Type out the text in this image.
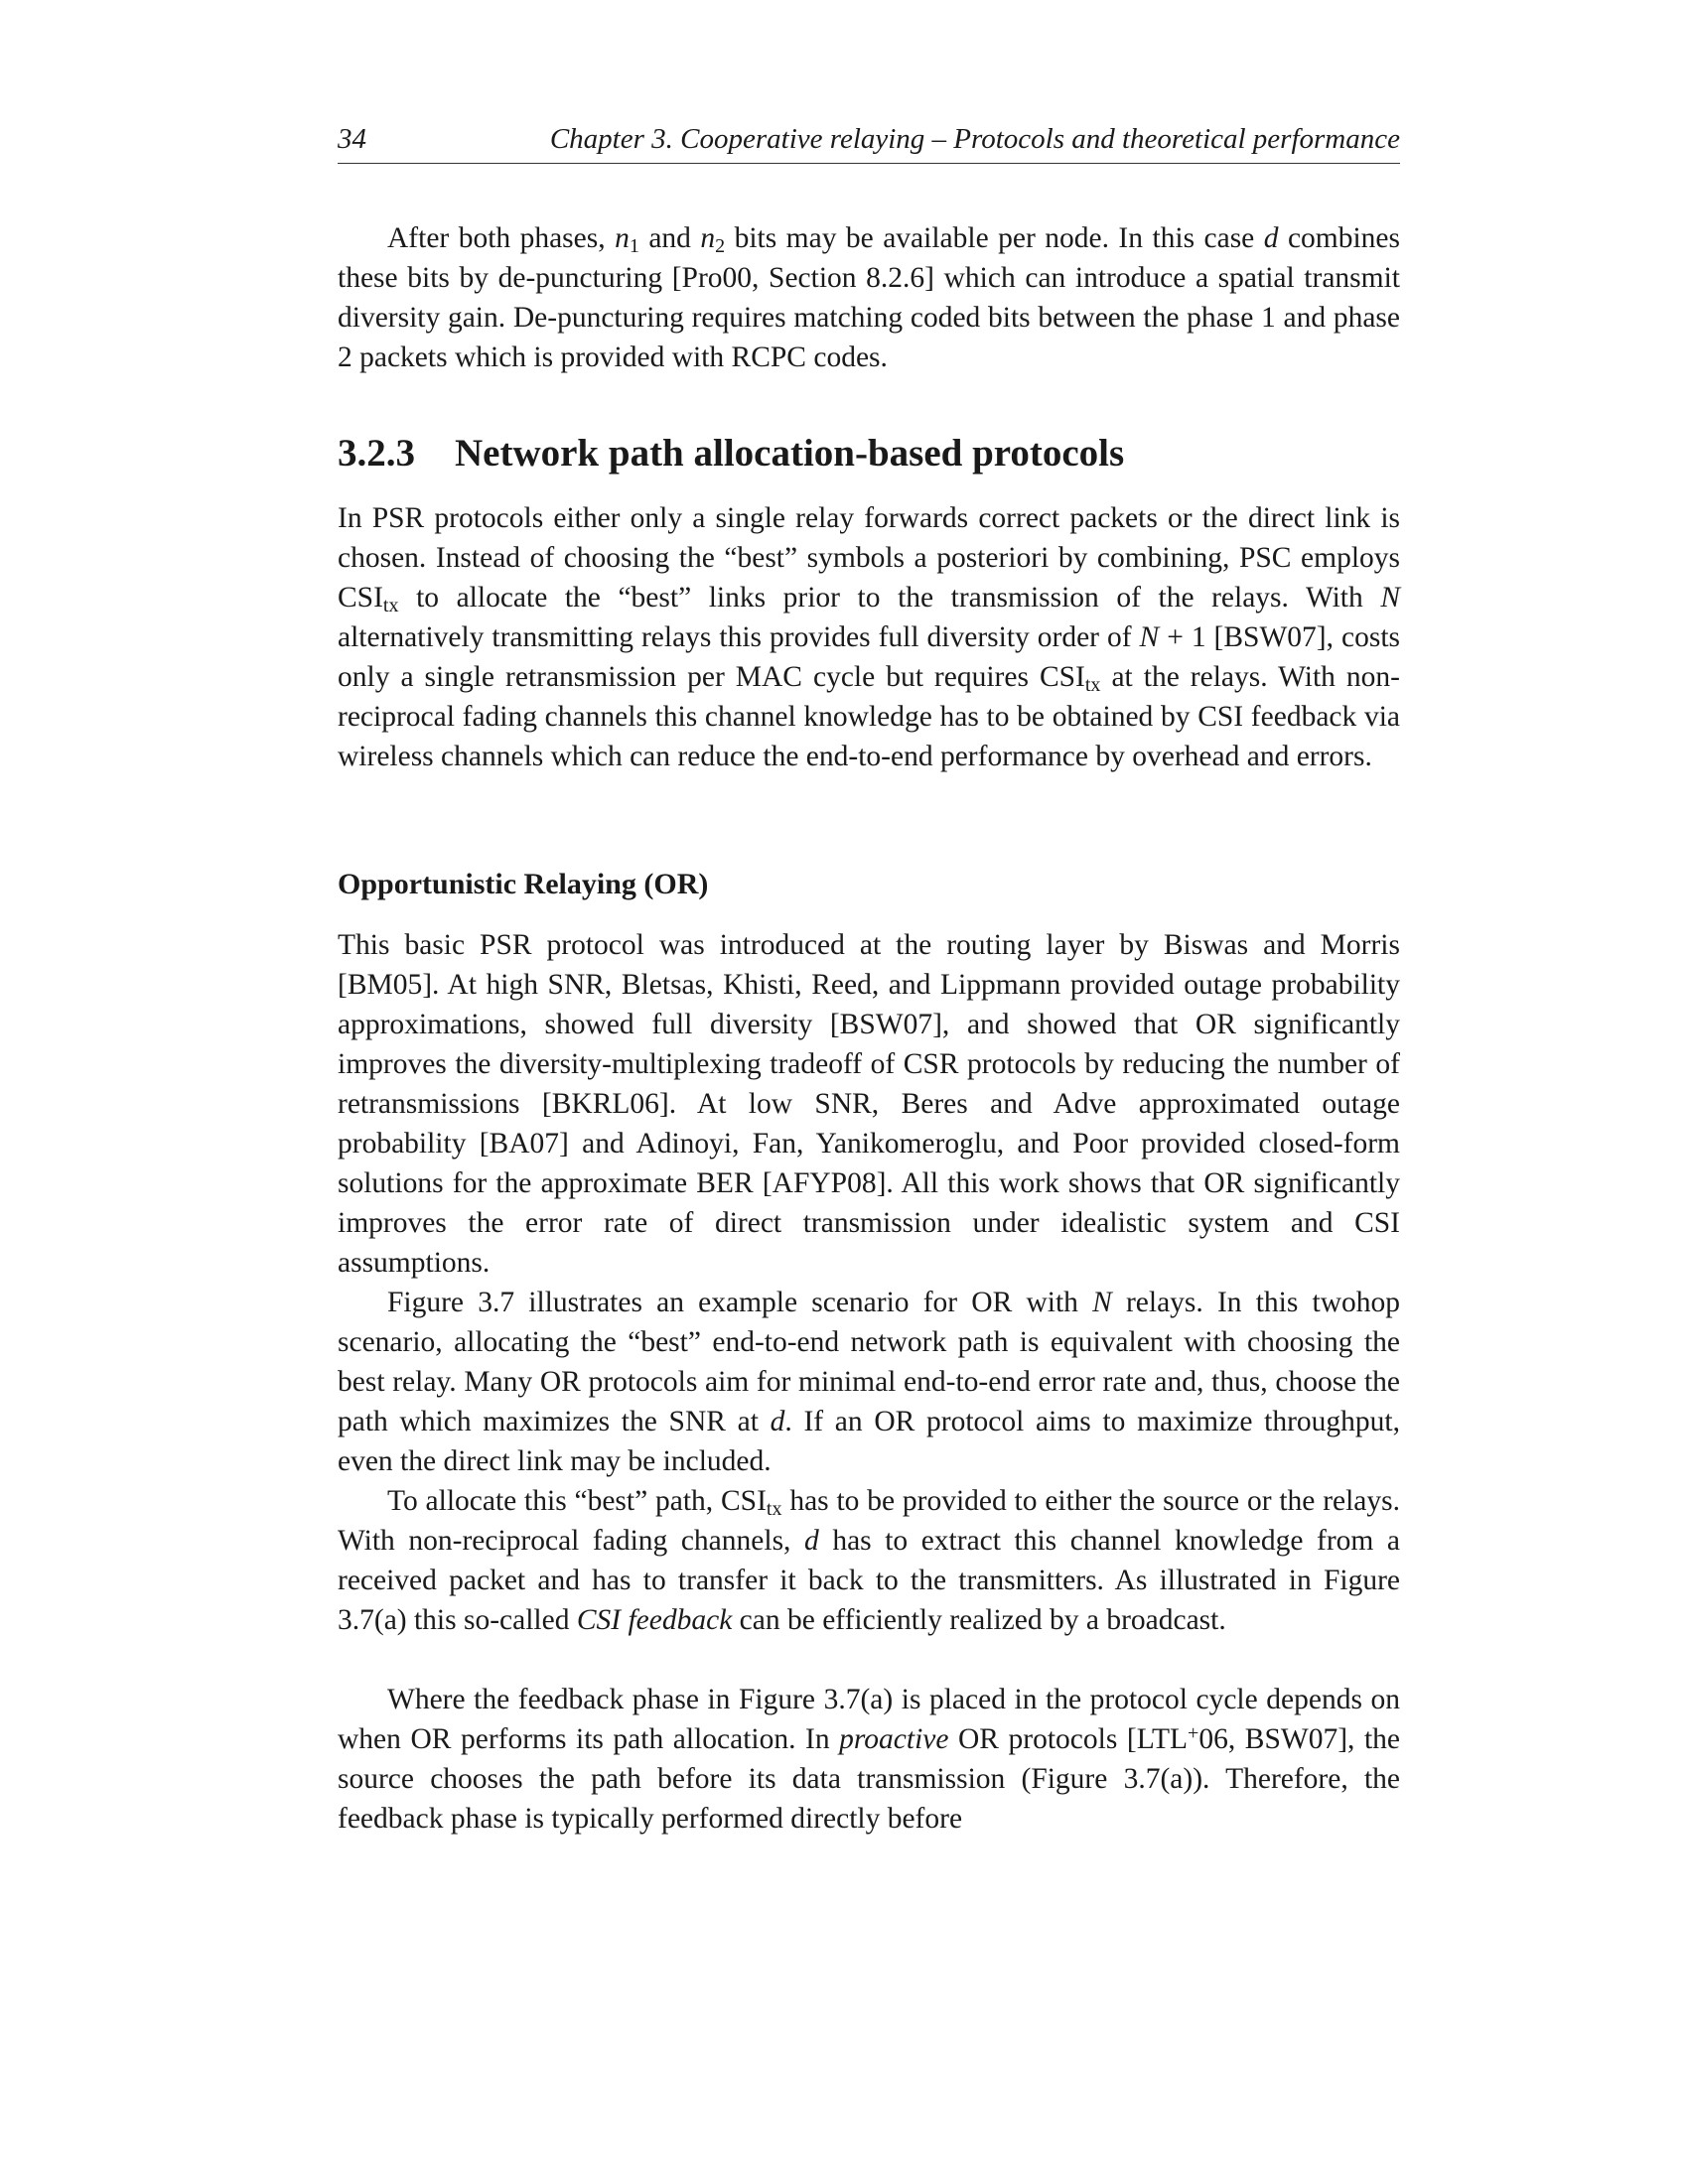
34	Chapter 3. Cooperative relaying – Protocols and theoretical performance

After both phases, $n_1$ and $n_2$ bits may be available per node. In this case d combines these bits by de-puncturing [Pro00, Section 8.2.6] which can introduce a spatial transmit diversity gain. De-puncturing requires matching coded bits between the phase 1 and phase 2 packets which is provided with RCPC codes.

3.2.3 Network path allocation-based protocols

In PSR protocols either only a single relay forwards correct packets or the direct link is chosen. Instead of choosing the “best” symbols a posteriori by combining, PSC employs $CSI_{tx}$ to allocate the “best” links prior to the transmission of the relays. With N alternatively transmitting relays this provides full diversity order of N + 1 [BSW07], costs only a single retransmission per MAC cycle but requires $CSI_{tx}$ at the relays. With non-reciprocal fading channels this channel knowledge has to be obtained by CSI feedback via wireless channels which can reduce the end-to-end performance by overhead and errors.

Opportunistic Relaying (OR)

This basic PSR protocol was introduced at the routing layer by Biswas and Morris [BM05]. At high SNR, Bletsas, Khisti, Reed, and Lippmann provided outage probability approximations, showed full diversity [BSW07], and showed that OR significantly improves the diversity-multiplexing tradeoff of CSR protocols by reducing the number of retransmissions [BKRL06]. At low SNR, Beres and Adve approximated outage probability [BA07] and Adinoyi, Fan, Yanikomeroglu, and Poor provided closed-form solutions for the approximate BER [AFYP08]. All this work shows that OR significantly improves the error rate of direct transmission under idealistic system and CSI assumptions.

Figure 3.7 illustrates an example scenario for OR with N relays. In this twohop scenario, allocating the “best” end-to-end network path is equivalent with choosing the best relay. Many OR protocols aim for minimal end-to-end error rate and, thus, choose the path which maximizes the SNR at d. If an OR protocol aims to maximize throughput, even the direct link may be included.

To allocate this “best” path, $CSI_{tx}$ has to be provided to either the source or the relays. With non-reciprocal fading channels, d has to extract this channel knowledge from a received packet and has to transfer it back to the transmitters. As illustrated in Figure 3.7(a) this so-called CSI feedback can be efficiently realized by a broadcast.

Where the feedback phase in Figure 3.7(a) is placed in the protocol cycle depends on when OR performs its path allocation. In proactive OR protocols [LTL+06, BSW07], the source chooses the path before its data transmission (Figure 3.7(a)). Therefore, the feedback phase is typically performed directly before
